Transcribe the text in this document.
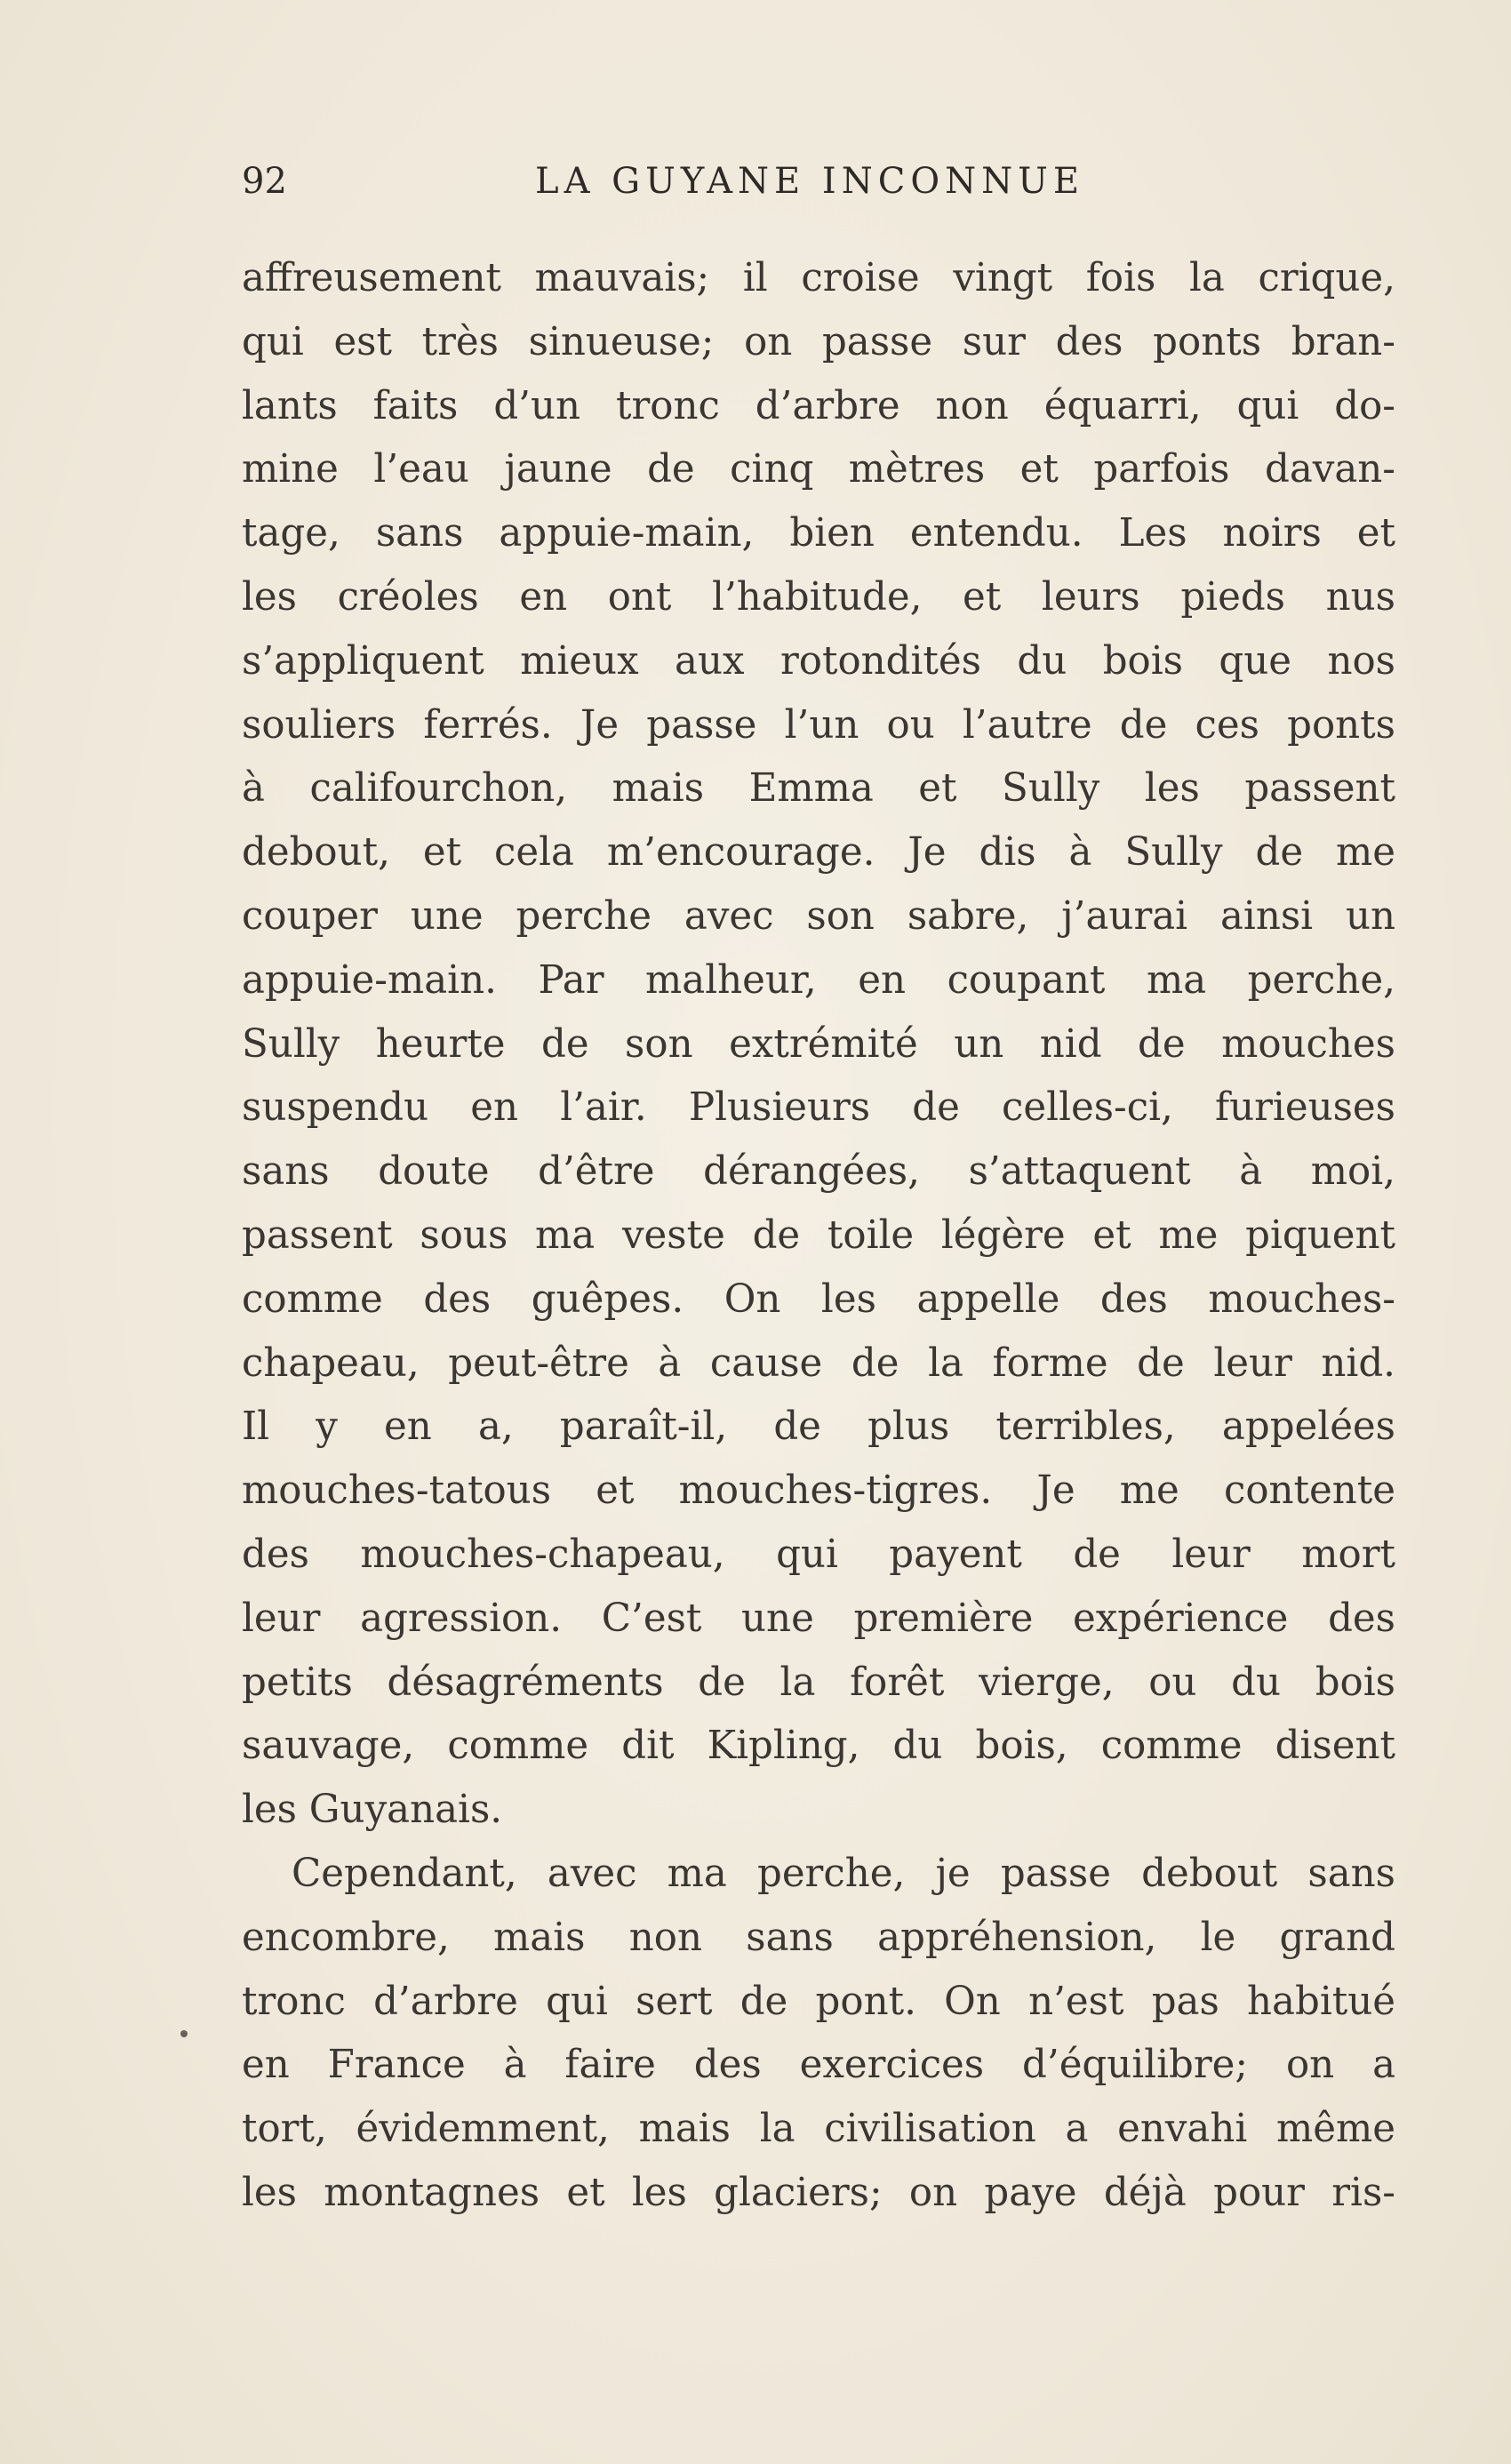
92	LA GUYANE INCONNUE
affreusement mauvais; il croise vingt fois la crique,
qui est très sinueuse; on passe sur des ponts bran-
lants faits d’un tronc d’arbre non équarri, qui do-
mine l’eau jaune de cinq mètres et parfois davan-
tage, sans appuie-main, bien entendu. Les noirs et
les créoles en ont l’habitude, et leurs pieds nus
s’appliquent mieux aux rotondités du bois que nos
souliers ferrés. Je passe l’un ou l’autre de ces ponts
à califourchon, mais Emma et Sully les passent
debout, et cela m’encourage. Je dis à Sully de me
couper une perche avec son sabre, j’aurai ainsi un
appuie-main. Par malheur, en coupant ma perche,
Sully heurte de son extrémité un nid de mouches
suspendu en l’air. Plusieurs de celles-ci, furieuses
sans doute d’être dérangées, s’attaquent à moi,
passent sous ma veste de toile légère et me piquent
comme des guêpes. On les appelle des mouches-
chapeau, peut-être à cause de la forme de leur nid.
Il y en a, paraît-il, de plus terribles, appelées
mouches-tatous et mouches-tigres. Je me contente
des mouches-chapeau, qui payent de leur mort
leur agression. C’est une première expérience des
petits désagréments de la forêt vierge, ou du bois
sauvage, comme dit Kipling, du bois, comme disent
les Guyanais.
Cependant, avec ma perche, je passe debout sans
encombre, mais non sans appréhension, le grand
tronc d’arbre qui sert de pont. On n’est pas habitué
en France à faire des exercices d’équilibre; on a
tort, évidemment, mais la civilisation a envahi même
les montagnes et les glaciers; on paye déjà pour ris-
